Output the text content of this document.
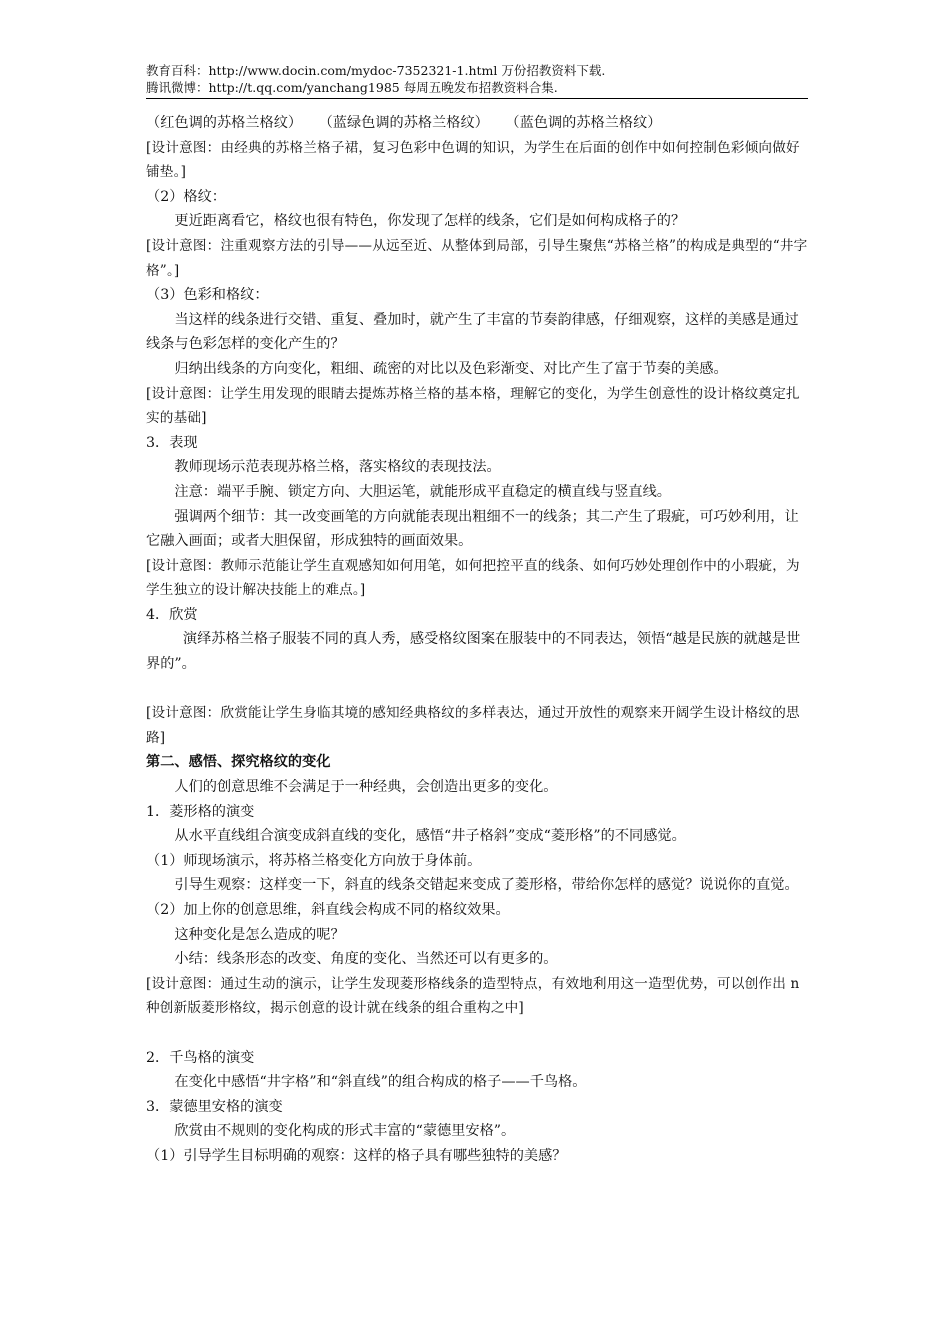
教育百科：http://www.docin.com/mydoc-7352321-1.html 万份招教资料下载.
腾讯微博：http://t.qq.com/yanchang1985 每周五晚发布招教资料合集.

（红色调的苏格兰格纹） （蓝绿色调的苏格兰格纹） （蓝色调的苏格兰格纹）

[设计意图：由经典的苏格兰格子裙，复习色彩中色调的知识，为学生在后面的创作中如何控制色彩倾向做好铺垫。]

（2）格纹：

更近距离看它，格纹也很有特色，你发现了怎样的线条，它们是如何构成格子的？

[设计意图：注重观察方法的引导——从远至近、从整体到局部，引导生聚焦“苏格兰格”的构成是典型的“井字格”。]

（3）色彩和格纹：

当这样的线条进行交错、重复、叠加时，就产生了丰富的节奏韵律感，仔细观察，这样的美感是通过线条与色彩怎样的变化产生的？

归纳出线条的方向变化，粗细、疏密的对比以及色彩渐变、对比产生了富于节奏的美感。

[设计意图：让学生用发现的眼睛去提炼苏格兰格的基本格，理解它的变化，为学生创意性的设计格纹奠定扎实的基础]

3．表现

教师现场示范表现苏格兰格，落实格纹的表现技法。

注意：端平手腕、锁定方向、大胆运笔，就能形成平直稳定的横直线与竖直线。

强调两个细节：其一改变画笔的方向就能表现出粗细不一的线条；其二产生了瑕疵，可巧妙利用，让它融入画面；或者大胆保留，形成独特的画面效果。

[设计意图：教师示范能让学生直观感知如何用笔，如何把控平直的线条、如何巧妙处理创作中的小瑕疵，为学生独立的设计解决技能上的难点。]

4．欣赏

演绎苏格兰格子服装不同的真人秀，感受格纹图案在服装中的不同表达，领悟“越是民族的就越是世界的”。

[设计意图：欣赏能让学生身临其境的感知经典格纹的多样表达，通过开放性的观察来开阔学生设计格纹的思路]

第二、感悟、探究格纹的变化

人们的创意思维不会满足于一种经典，会创造出更多的变化。

1．菱形格的演变

从水平直线组合演变成斜直线的变化，感悟“井子格斜”变成“菱形格”的不同感觉。

（1）师现场演示，将苏格兰格变化方向放于身体前。

引导生观察：这样变一下，斜直的线条交错起来变成了菱形格，带给你怎样的感觉？说说你的直觉。

（2）加上你的创意思维，斜直线会构成不同的格纹效果。

这种变化是怎么造成的呢？

小结：线条形态的改变、角度的变化、当然还可以有更多的。

[设计意图：通过生动的演示，让学生发现菱形格线条的造型特点，有效地利用这一造型优势，可以创作出 n 种创新版菱形格纹，揭示创意的设计就在线条的组合重构之中]

2．千鸟格的演变

在变化中感悟“井字格”和“斜直线”的组合构成的格子——千鸟格。

3．蒙德里安格的演变

欣赏由不规则的变化构成的形式丰富的“蒙德里安格”。

（1）引导学生目标明确的观察：这样的格子具有哪些独特的美感？
